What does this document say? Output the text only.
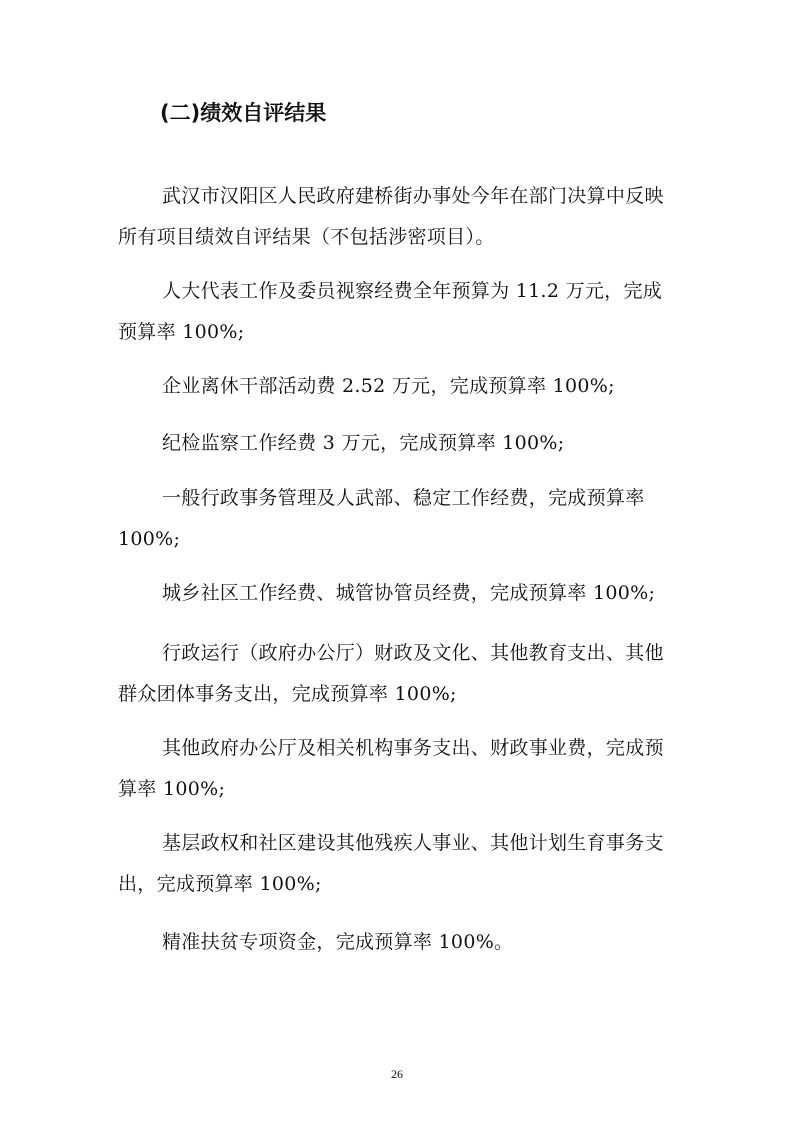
(二)绩效自评结果
武汉市汉阳区人民政府建桥街办事处今年在部门决算中反映所有项目绩效自评结果（不包括涉密项目）。
人大代表工作及委员视察经费全年预算为 11.2 万元，完成预算率 100%;
企业离休干部活动费 2.52 万元，完成预算率 100%;
纪检监察工作经费 3 万元，完成预算率 100%;
一般行政事务管理及人武部、稳定工作经费，完成预算率 100%;
城乡社区工作经费、城管协管员经费，完成预算率 100%;
行政运行（政府办公厅）财政及文化、其他教育支出、其他群众团体事务支出，完成预算率 100%;
其他政府办公厅及相关机构事务支出、财政事业费，完成预算率 100%;
基层政权和社区建设其他残疾人事业、其他计划生育事务支出，完成预算率 100%;
精准扶贫专项资金，完成预算率 100%。
26
